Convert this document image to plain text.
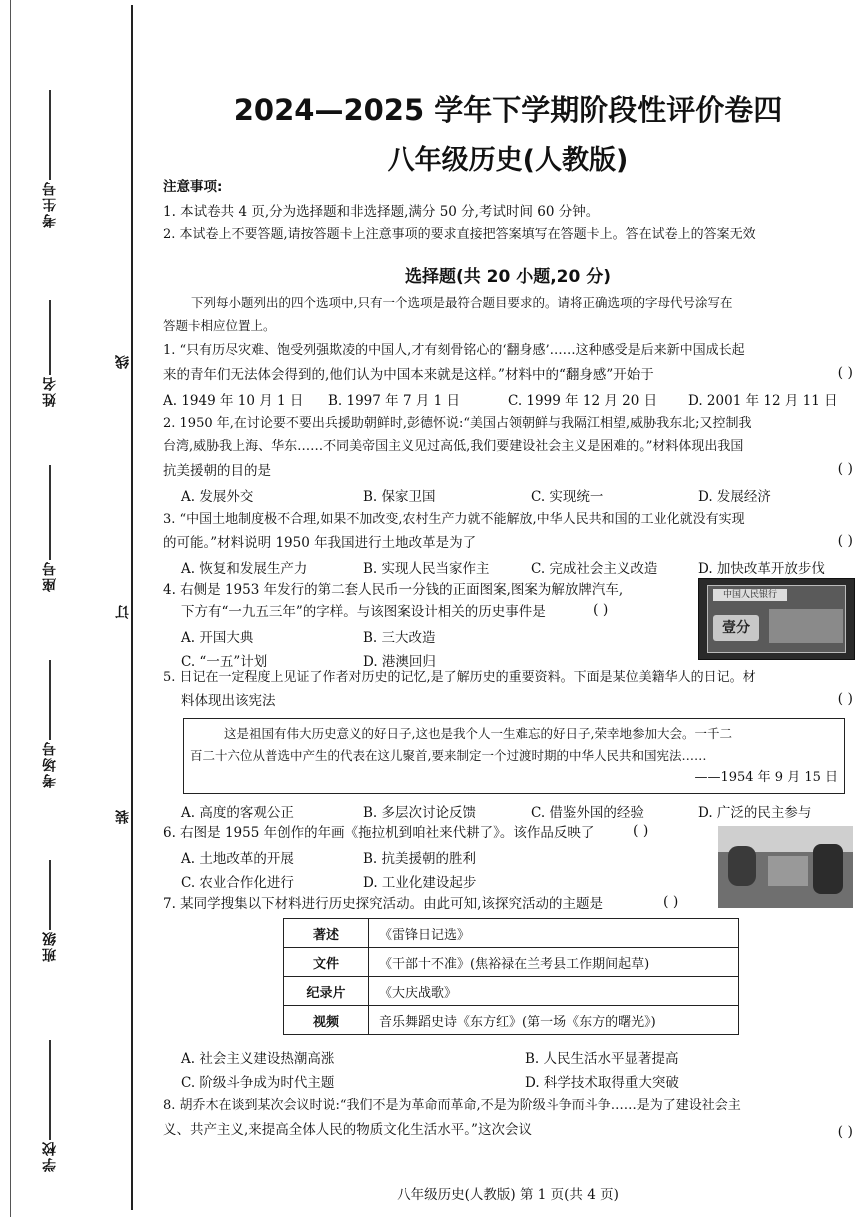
考生号
姓名
座号
考场号
班级
学校
线
订
装
2024—2025 学年下学期阶段性评价卷四
八年级历史(人教版)
注意事项:
1. 本试卷共 4 页,分为选择题和非选择题,满分 50 分,考试时间 60 分钟。
2. 本试卷上不要答题,请按答题卡上注意事项的要求直接把答案填写在答题卡上。答在试卷上的答案无效
选择题(共 20 小题,20 分)
下列每小题列出的四个选项中,只有一个选项是最符合题目要求的。请将正确选项的字母代号涂写在
答题卡相应位置上。
1. “只有历尽灾难、饱受列强欺凌的中国人,才有刻骨铭心的‘翻身感’……这种感受是后来新中国成长起
来的青年们无法体会得到的,他们认为中国本来就是这样。”材料中的“翻身感”开始于	( )
A. 1949 年 10 月 1 日 B. 1997 年 7 月 1 日	C. 1999 年 12 月 20 日 D. 2001 年 12 月 11 日
2. 1950 年,在讨论要不要出兵援助朝鲜时,彭德怀说:“美国占领朝鲜与我隔江相望,威胁我东北;又控制我
台湾,威胁我上海、华东……不同美帝国主义见过高低,我们要建设社会主义是困难的。”材料体现出我国
抗美援朝的目的是	( )
A. 发展外交	B. 保家卫国	C. 实现统一	D. 发展经济
3. “中国土地制度极不合理,如果不加改变,农村生产力就不能解放,中华人民共和国的工业化就没有实现
的可能。”材料说明 1950 年我国进行土地改革是为了	( )
A. 恢复和发展生产力	B. 实现人民当家作主	C. 完成社会主义改造	D. 加快改革开放步伐
4. 右侧是 1953 年发行的第二套人民币一分钱的正面图案,图案为解放牌汽车,
下方有“一九五三年”的字样。与该图案设计相关的历史事件是	( )
A. 开国大典	B. 三大改造
C. “一五”计划	D. 港澳回归
中国人民银行
壹分
5. 日记在一定程度上见证了作者对历史的记忆,是了解历史的重要资料。下面是某位美籍华人的日记。材
料体现出该宪法	( )
这是祖国有伟大历史意义的好日子,这也是我个人一生难忘的好日子,荣幸地参加大会。一千二
百二十六位从普选中产生的代表在这儿聚首,要来制定一个过渡时期的中华人民共和国宪法……
——1954 年 9 月 15 日
A. 高度的客观公正	B. 多层次讨论反馈	C. 借鉴外国的经验	D. 广泛的民主参与
6. 右图是 1955 年创作的年画《拖拉机到咱社来代耕了》。该作品反映了	( )
A. 土地改革的开展	B. 抗美援朝的胜利
C. 农业合作化进行	D. 工业化建设起步
7. 某同学搜集以下材料进行历史探究活动。由此可知,该探究活动的主题是	( )
著述	《雷锋日记选》
文件	《干部十不准》(焦裕禄在兰考县工作期间起草)
纪录片	《大庆战歌》
视频	音乐舞蹈史诗《东方红》(第一场《东方的曙光》)
A. 社会主义建设热潮高涨	B. 人民生活水平显著提高
C. 阶级斗争成为时代主题	D. 科学技术取得重大突破
8. 胡乔木在谈到某次会议时说:“我们不是为革命而革命,不是为阶级斗争而斗争……是为了建设社会主
义、共产主义,来提高全体人民的物质文化生活水平。”这次会议	( )
八年级历史(人教版) 第 1 页(共 4 页)
